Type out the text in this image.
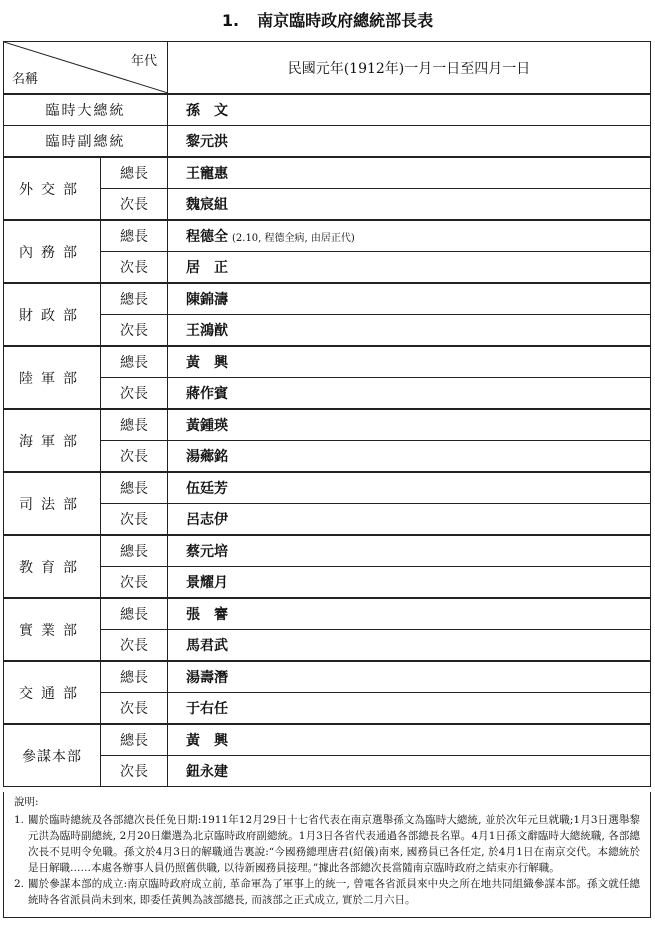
1. 南京臨時政府總統部長表
年代
名稱		民國元年(1912年)一月一日至四月一日
臨時大總統		孫　文
臨時副總統		黎元洪
外交部	總長	王寵惠
	次長	魏宸組
內務部	總長	程德全 (2.10, 程德全病, 由居正代)
	次長	居　正
財政部	總長	陳錦濤
	次長	王鴻猷
陸軍部	總長	黃　興
	次長	蔣作賓
海軍部	總長	黃鍾瑛
	次長	湯薌銘
司法部	總長	伍廷芳
	次長	呂志伊
教育部	總長	蔡元培
	次長	景耀月
實業部	總長	張　謇
	次長	馬君武
交通部	總長	湯壽潛
	次長	于右任
參謀本部	總長	黃　興
	次長	鈕永建
說明:
1. 關於臨時總統及各部總次長任免日期:1911年12月29日十七省代表在南京選舉孫文為臨時大總統, 並於次年元旦就職;1月3日選舉黎元洪為臨時副總統, 2月20日繼選為北京臨時政府副總統。1月3日各省代表通過各部總長名單。4月1日孫文辭臨時大總統職, 各部總次長不見明令免職。孫文於4月3日的解職通告裏說:“今國務總理唐君(紹儀)南來, 國務員已各任定, 於4月1日在南京交代。本總統於是日解職……本處各辦事人員仍照舊供職, 以待新國務員接理。”據此各部總次長當隨南京臨時政府之結束亦行解職。
2. 關於參謀本部的成立:南京臨時政府成立前, 革命軍為了軍事上的統一, 曾電各省派員來中央之所在地共同組織參謀本部。孫文就任總統時各省派員尚未到來, 即委任黃興為該部總長, 而該部之正式成立, 實於二月六日。
